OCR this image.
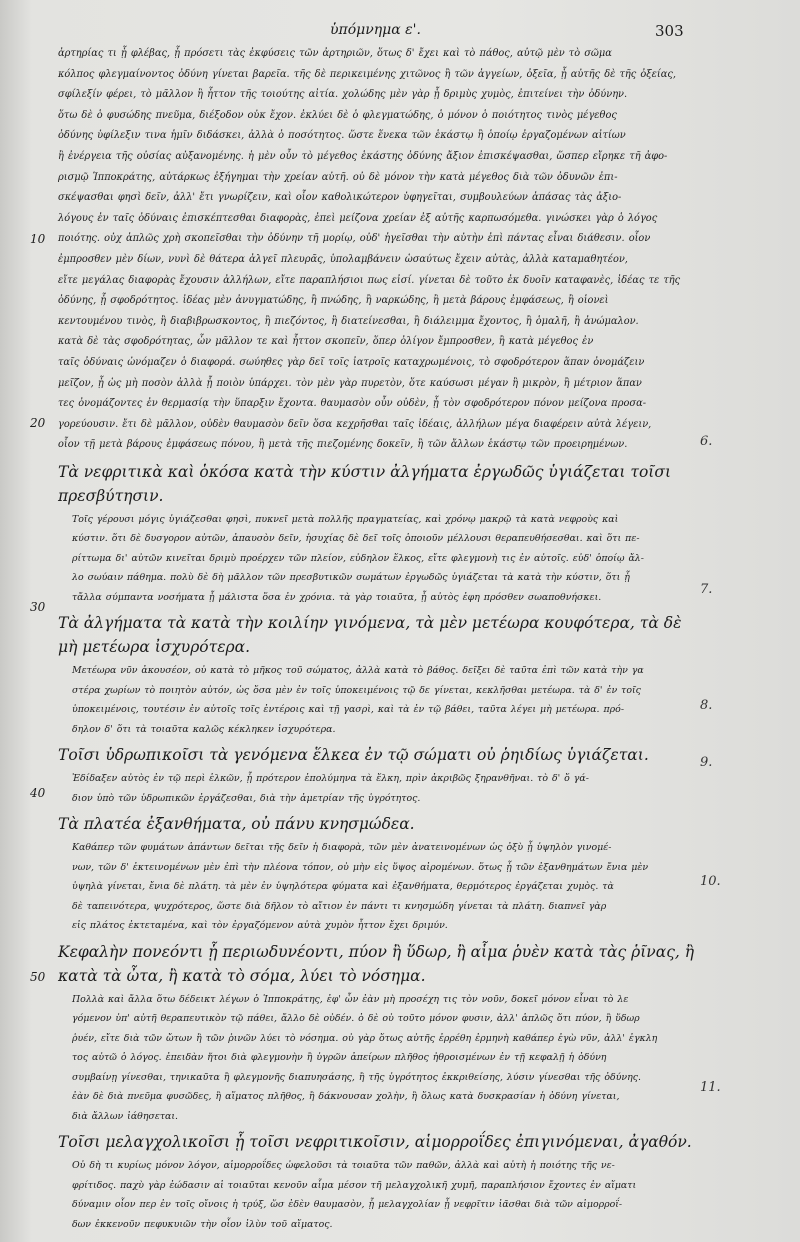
ὑπόμνημα ε'.	303

ἀρτηρίας τι ᾗ φλέβας, ᾗ πρόσετι τὰς ἐκφύσεις τῶν ἀρτηριῶν, ὅτως δ' ἔχει καὶ τὸ πάθος, αὐτῷ μὲν τὸ σῶμα
κόλπος φλεγμαίνοντος ὀδύνη γίνεται βαρεῖα. τῆς δὲ περικειμένης χιτῶνος ἢ τῶν ἀγγείων, ὀξεῖα, ᾗ αὐτῆς δὲ τῆς ὀξείας,
σφίλεξίν φέρει, τὸ μᾶλλον ἢ ἧττον τῆς τοιούτης αἰτία. χολώδης μὲν γὰρ ᾗ δριμὺς χυμὸς, ἐπιτείνει τὴν ὀδύνην.
ὅτω δὲ ὁ φυσώδης πνεῦμα, διέξοδον οὐκ ἔχον. ἐκλύει δὲ ὁ φλεγματώδης, ὁ μόνον ὁ ποιότητος τινὸς μέγεθος
ὀδύνης ὑφίλεξιν τινα ἡμῖν διδάσκει, ἀλλὰ ὁ ποσότητος. ὥστε ἕνεκα τῶν ἑκάστῳ ἢ ὁποίῳ ἐργαζομένων αἰτίων
ἢ ἐνέργεια τῆς οὐσίας αὐξανομένης. ἡ μὲν οὖν τὸ μέγεθος ἑκάστης ὀδύνης ἄξιον ἐπισκέψασθαι, ὥσπερ εἴρηκε τῆ ἀφο-
ρισμῷ Ἱπποκράτης, αὐτάρκως ἐξήγημαι τὴν χρείαν αὐτῆ. οὐ δὲ μόνον τὴν κατὰ μέγεθος διὰ τῶν ὀδυνῶν ἐπι-
σκέψασθαι φησὶ δεῖν, ἀλλ' ἔτι γνωρίζειν, καὶ οἷον καθολικώτερον ὑφηγεῖται, συμβουλεύων ἁπάσας τὰς ἀξιο-
λόγους ἐν ταῖς ὀδύναις ἐπισκέπτεσθαι διαφορὰς, ἐπεὶ μείζονα χρείαν ἐξ αὐτῆς καρπωσόμεθα. γινώσκει γὰρ ὁ λόγος
ποιότης. οὐχ ἁπλῶς χρὴ σκοπεῖσθαι τὴν ὀδύνην τῆ μορίῳ, οὐδ' ἡγεῖσθαι τὴν αὐτὴν ἐπὶ πάντας εἶναι διάθεσιν. οἷον
ἐμπροσθεν μὲν δίων, νυνὶ δὲ θάτερα ἀλγεῖ πλευρᾶς, ὑπολαμβάνειν ὡσαύτως ἔχειν αὐτὰς, ἀλλὰ καταμαθητέον,
εἴτε μεγάλας διαφορὰς ἔχουσιν ἀλλήλων, εἴτε παραπλήσιοι πως εἰσί. γίνεται δὲ τοῦτο ἐκ δυοῖν καταφανὲς, ἰδέας τε τῆς
ὀδύνης, ᾗ σφοδρότητος. ἰδέας μὲν ἀνυγματώδης, ἢ πνώδης, ἢ ναρκώδης, ἢ μετὰ βάρους ἐμφάσεως, ἢ οἱονεὶ
κεντουμένου τινὸς, ἢ διαβιβρωσκοντος, ἢ πιεζόντος, ἢ διατείνεσθαι, ἢ διάλειμμα ἔχοντος, ἢ ὁμαλῆ, ἢ ἀνώμαλον.
κατὰ δὲ τὰς σφοδρότητας, ὧν μᾶλλον τε καὶ ἧττον σκοπεῖν, ὅπερ ὀλίγον ἔμπροσθεν, ἢ κατὰ μέγεθος ἐν
ταῖς ὀδύναις ὠνόμαζεν ὁ διαφορά. σωύηθες γὰρ δεῖ τοῖς ἰατροῖς καταχρωμένοις, τὸ σφοδρότερον ἅπαν ὀνομάζειν
μεῖζον, ᾗ ὡς μὴ ποσὸν ἀλλὰ ᾗ ποιὸν ὑπάρχει. τὸν μὲν γὰρ πυρετὸν, ὅτε καύσωσι μέγαν ἢ μικρὸν, ἢ μέτριον ἅπαν
τες ὀνομάζοντες ἐν θερμασίᾳ τὴν ὕπαρξιν ἔχοντα. θαυμασὸν οὖν οὐδὲν, ᾗ τὸν σφοδρότερον πόνον μείζονα προσα-
γορεύουσιν. ἔτι δὲ μᾶλλον, οὐδὲν θαυμασὸν δεῖν ὅσα κεχρῆσθαι ταῖς ἰδέαις, ἀλλήλων μέγα διαφέρειν αὐτὰ λέγειν,
οἷον τῇ μετὰ βάρους ἐμφάσεως πόνου, ἢ μετὰ τῆς πιεζομένης δοκεῖν, ἢ τῶν ἄλλων ἑκάστῳ τῶν προειρημένων.

Τὰ νεφριτικὰ καὶ ὁκόσα κατὰ τὴν κύστιν ἀλγήματα ἐργωδῶς ὑγιάζεται τοῖσι
πρεσβύτησιν.

Τοῖς γέρουσι μόγις ὑγιάζεσθαι φησὶ, πυκνεῖ μετὰ πολλῆς πραγματείας, καὶ χρόνῳ μακρῷ τὰ κατὰ νεφροὺς καὶ
κύστιν. ὅτι δὲ δυσγορον αὐτῶν, ἀπαυσὸν δεῖν, ἡσυχίας δὲ δεῖ τοῖς ὁποιοῦν μέλλουσι θεραπευθήσεσθαι. καὶ ὅτι πε-
ρίττωμα δι' αὐτῶν κινεῖται δριμὺ προέρχεν τῶν πλείον, εὐδηλον ἕλκος, εἴτε φλεγμονὴ τις ἐν αὐτοῖς. εὐδ' ὁποίῳ ἄλ-
λο σωύαιν πάθημα. πολὺ δὲ δὴ μᾶλλον τῶν πρεσβυτικῶν σωμάτων ἐργωδῶς ὑγιάζεται τὰ κατὰ τὴν κύστιν, ὅτι ᾗ
τἄλλα σύμπαντα νοσήματα ᾗ μάλιστα ὅσα ἐν χρόνια. τὰ γὰρ τοιαῦτα, ᾗ αὐτὸς ἐφη πρόσθεν σωαποθνήσκει.

Τὰ ἀλγήματα τὰ κατὰ τὴν κοιλίην γινόμενα, τὰ μὲν μετέωρα κουφότερα, τὰ δὲ
μὴ μετέωρα ἰσχυρότερα.

Μετέωρα νῦν ἀκουσέον, οὐ κατὰ τὸ μῆκος τοῦ σώματος, ἀλλὰ κατὰ τὸ βάθος. δεῖξει δὲ ταῦτα ἐπὶ τῶν κατὰ τὴν γα
στέρα χωρίων τὸ ποιητὸν αὐτόν, ὡς ὅσα μὲν ἐν τοῖς ὑποκειμένοις τῷ δε γίνεται, κεκλῆσθαι μετέωρα. τὰ δ' ἐν τοῖς
ὑποκειμένοις, τουτέσιν ἐν αὐτοῖς τοῖς ἐντέροις καὶ τῇ γασρὶ, καὶ τὰ ἐν τῷ βάθει, ταῦτα λέγει μὴ μετέωρα. πρό-
δηλον δ' ὅτι τὰ τοιαῦτα καλῶς κέκληκεν ἰσχυρότερα.

Τοῖσι ὑδρωπικοῖσι τὰ γενόμενα ἕλκεα ἐν τῷ σώματι οὐ ῥηιδίως ὑγιάζεται.

Ἐδίδαξεν αὐτὸς ἐν τῷ περὶ ἑλκῶν, ᾗ πρότερον ἐπολύμηνα τὰ ἕλκη, πρὶν ἀκριβῶς ξηρανθῆναι. τὸ δ' ὅ γά-
διον ὑπὸ τῶν ὑδρωπικῶν ἐργάζεσθαι, διὰ τὴν ἀμετρίαν τῆς ὑγρότητος.

Τὰ πλατέα ἐξανθήματα, οὐ πάνυ κνησμώδεα.

Καθάπερ τῶν φυμάτων ἁπάντων δεῖται τῆς δεῖν ἡ διαφορὰ, τῶν μὲν ἀνατεινομένων ὡς ὀξὺ ᾗ ὑψηλὸν γινομέ-
νων, τῶν δ' ἐκτεινομένων μὲν ἐπὶ τὴν πλέονα τόπον, οὐ μὴν εἰς ὕψος αἰρομένων. ὅτως ᾗ τῶν ἐξανθημάτων ἔνια μὲν
ὑψηλὰ γίνεται, ἔνια δὲ πλάτη. τὰ μὲν ἐν ὑψηλότερα φύματα καὶ ἐξανθήματα, θερμότερος ἐργάζεται χυμὸς. τὰ
δὲ ταπεινότερα, ψυχρότερος, ὥστε διὰ δῆλον τὸ αἴτιον ἐν πάντι τι κνησμώδη γίνεται τὰ πλάτη. διαπνεῖ γὰρ
εἰς πλάτος ἐκτεταμένα, καὶ τὸν ἐργαζόμενον αὐτὰ χυμὸν ἧττον ἔχει δριμύν.

Κεφαλὴν πονεόντι ᾗ περιωδυνέοντι, πύον ἢ ὕδωρ, ἢ αἷμα ῥυὲν κατὰ τὰς ῥῖνας, ἢ
κατὰ τὰ ὦτα, ἢ κατὰ τὸ σόμα, λύει τὸ νόσημα.

Πολλὰ καὶ ἄλλα ὅτω δέδεικτ λέγων ὁ Ἱπποκράτης, ἐφ' ὧν ἐὰν μὴ προσέχη τις τὸν νοῦν, δοκεῖ μόνον εἶναι τὸ λε
γόμενον ὑπ' αὐτῆ θεραπευτικὸν τῷ πάθει, ἄλλο δὲ οὐδέν. ὁ δὲ οὐ τοῦτο μόνον φυσιν, ἀλλ' ἁπλῶς ὅτι πύον, ἢ ὕδωρ
ῥυέν, εἴτε διὰ τῶν ὤτων ἢ τῶν ῥινῶν λύει τὸ νόσημα. οὐ γὰρ ὅτως αὐτῆς ἐρρέθη ἐρμηνὴ καθάπερ ἐγὼ νῦν, ἀλλ' ἐγκλη
τος αὐτῶ ὁ λόγος. ἐπειδὰν ἤτοι διὰ φλεγμονὴν ἢ ὑγρῶν ἀπείρων πλῆθος ἠθροισμένων ἐν τῇ κεφαλῇ ἡ ὀδύνη
συμβαίνῃ γίνεσθαι, τηνικαῦτα ἢ φλεγμονῆς διαπυησάσης, ἢ τῆς ὑγρότητος ἐκκριθείσης, λύσιν γίνεσθαι τῆς ὀδύνης.
ἐὰν δὲ διὰ πνεῦμα φυσῶδες, ἢ αἵματος πλῆθος, ἢ δάκνουσαν χολὴν, ἢ ὅλως κατὰ δυσκρασίαν ἡ ὀδύνη γίνεται,
διὰ ἄλλων ἰάθησεται.

Τοῖσι μελαγχολικοῖσι ᾗ τοῖσι νεφριτικοῖσιν, αἱμορροΐδες ἐπιγινόμεναι, ἀγαθόν.

Οὐ δὴ τι κυρίως μόνον λόγον, αἱμορροΐδες ὠφελοῦσι τὰ τοιαῦτα τῶν παθῶν, ἀλλὰ καὶ αὐτὴ ἡ ποιότης τῆς νε-
φρίτιδος. παχὺ γὰρ ἐώδασιν αἱ τοιαῦται κενοῦν αἷμα μέσον τῆ μελαγχολικῆ χυμῆ, παραπλήσιον ἔχοντες ἐν αἵματι
δύναμιν οἷον περ ἐν τοῖς οἴνοις ἡ τρύξ, ὥσ ἐδὲν θαυμασὸν, ᾗ μελαγχολίαν ᾗ νεφρῖτιν ἰᾶσθαι διὰ τῶν αἱμορροΐ-
δων ἐκκενοῦν πεφυκυιῶν τὴν οἷον ἰλὺν τοῦ αἵματος.

10
20
30
40
50
6.
7.
8.
9.
10.
11.
